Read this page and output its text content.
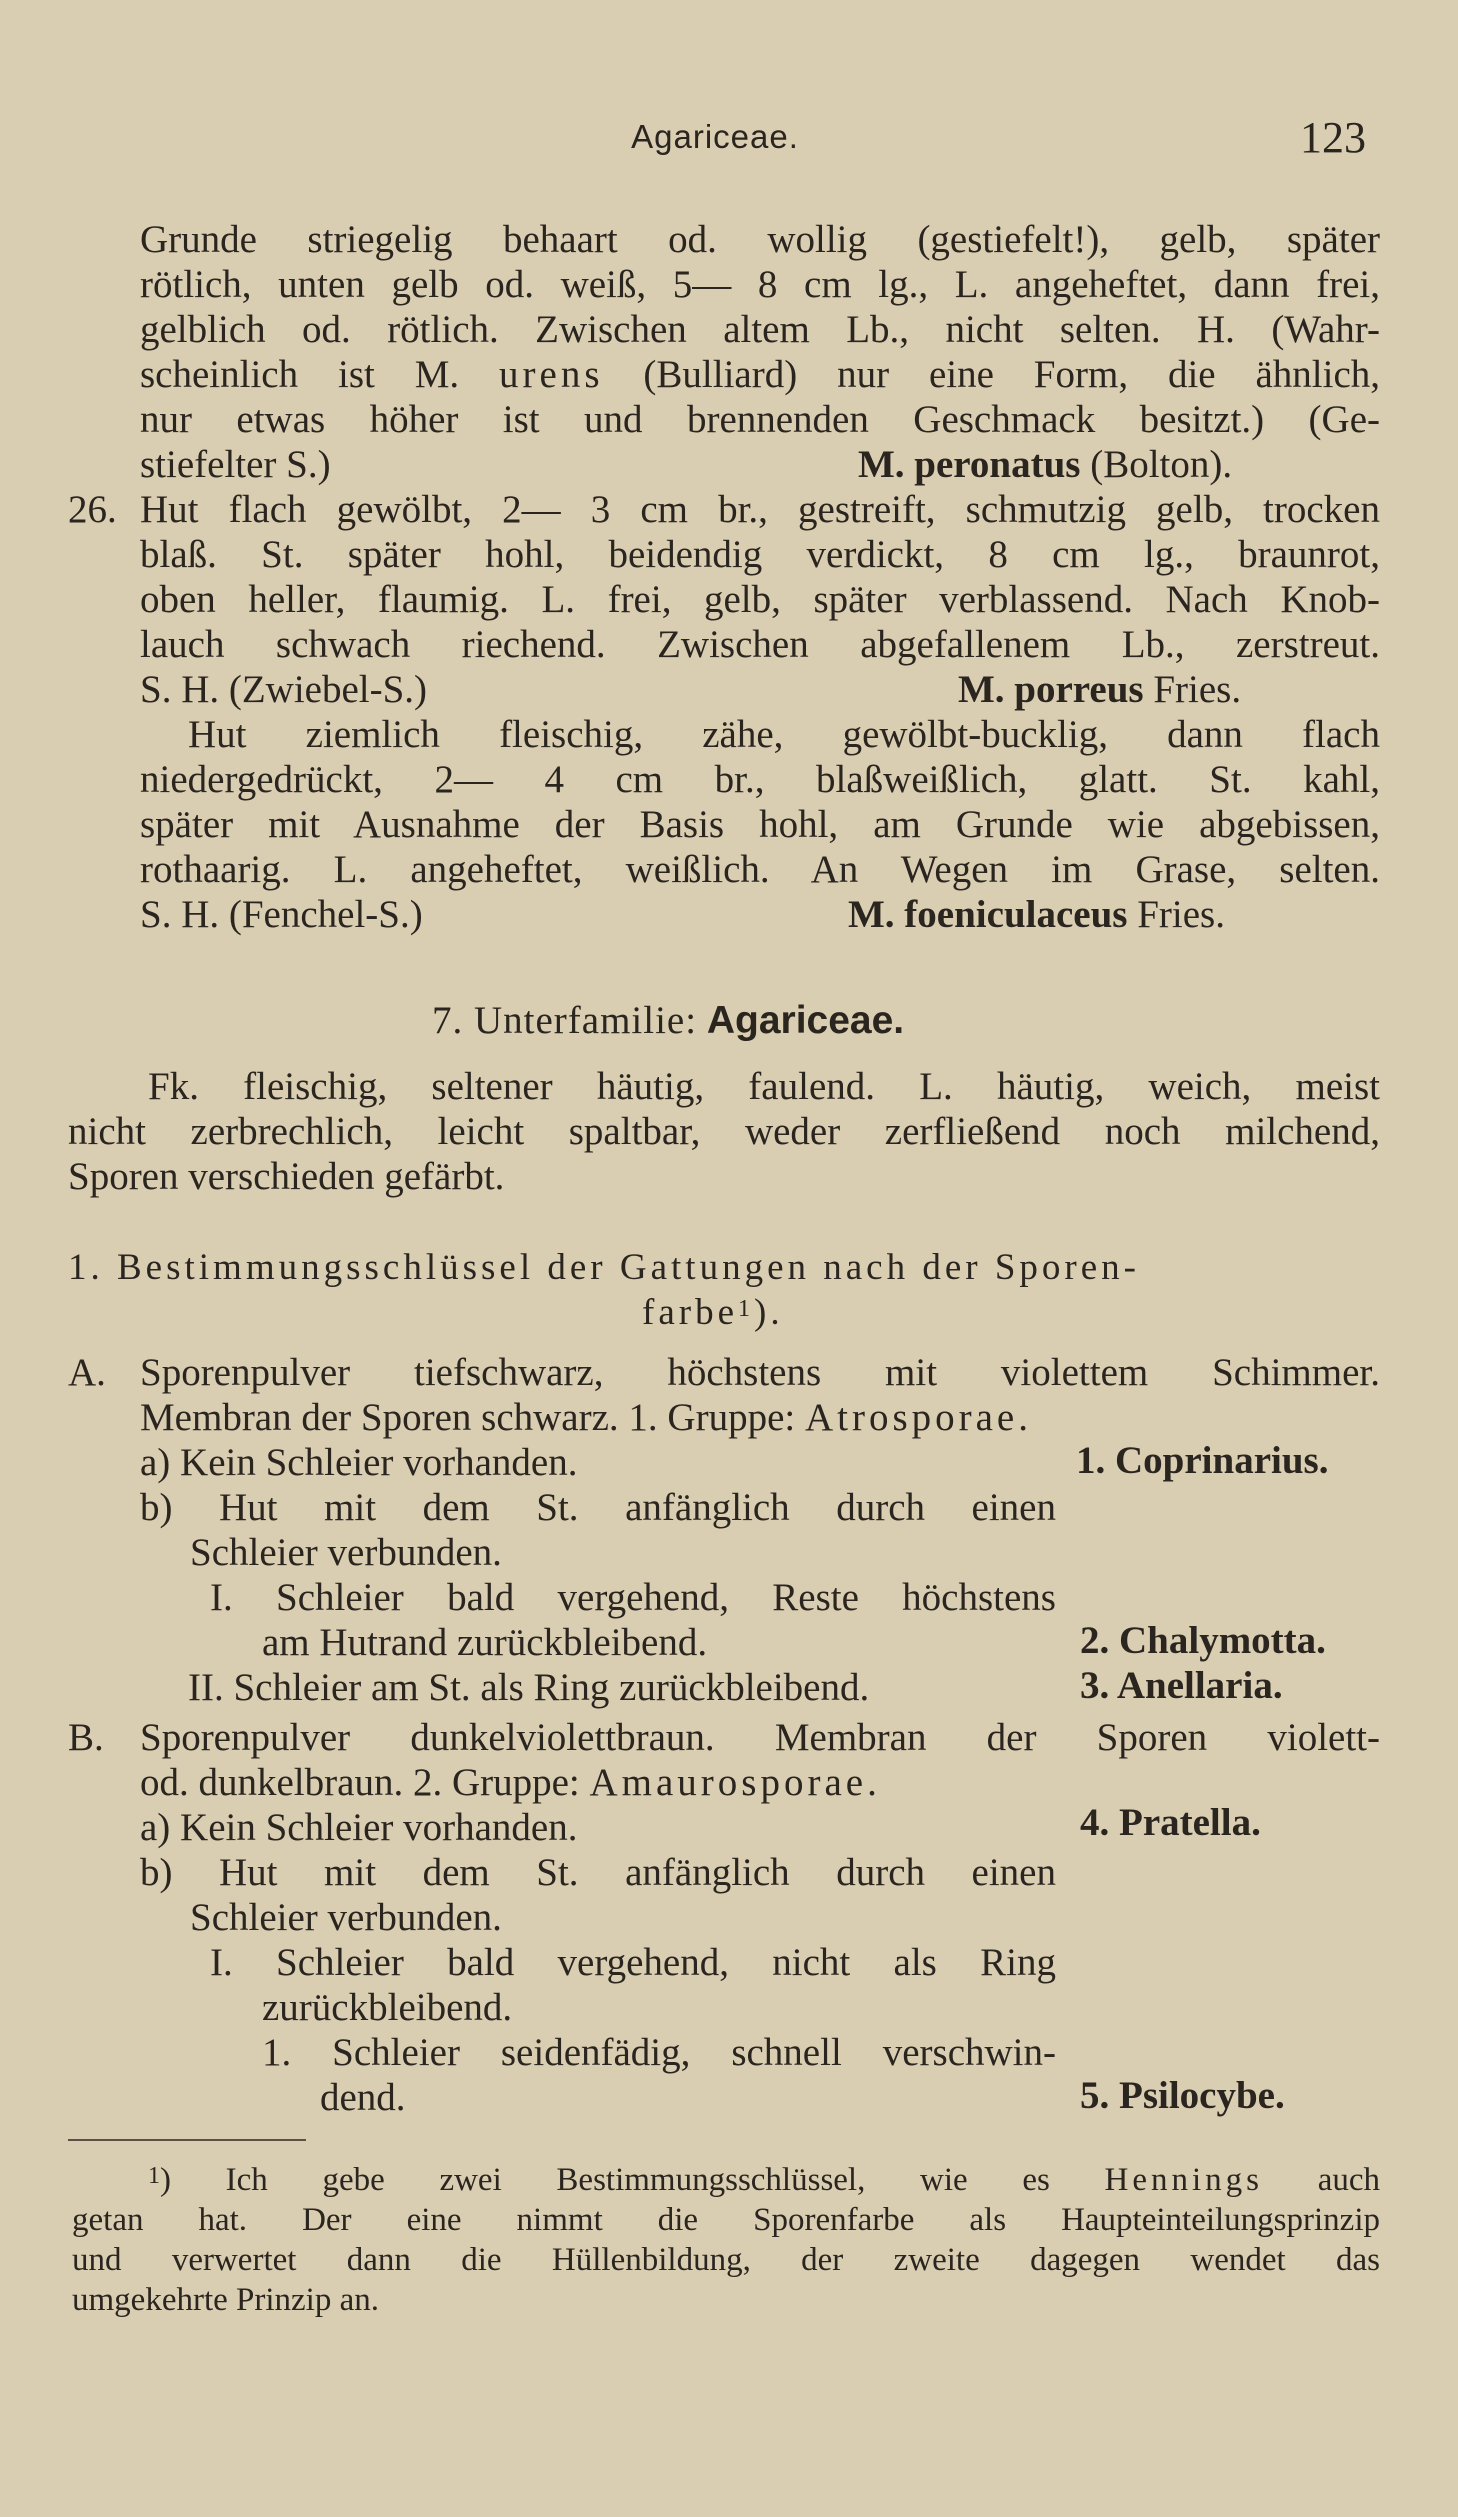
Agariceae.	123
Grunde striegelig behaart od. wollig (gestiefelt!), gelb, später
rötlich, unten gelb od. weiß, 5— 8 cm lg., L. angeheftet, dann frei,
gelblich od. rötlich. Zwischen altem Lb., nicht selten. H. (Wahr-
scheinlich ist M. urens (Bulliard) nur eine Form, die ähnlich,
nur etwas höher ist und brennenden Geschmack besitzt.) (Ge-
stiefelter S.)	M. peronatus (Bolton).
26. Hut flach gewölbt, 2— 3 cm br., gestreift, schmutzig gelb, trocken
blaß. St. später hohl, beidendig verdickt, 8 cm lg., braunrot,
oben heller, flaumig. L. frei, gelb, später verblassend. Nach Knob-
lauch schwach riechend. Zwischen abgefallenem Lb., zerstreut.
S. H. (Zwiebel-S.)	M. porreus Fries.
Hut ziemlich fleischig, zähe, gewölbt-bucklig, dann flach
niedergedrückt, 2— 4 cm br., blaßweißlich, glatt. St. kahl,
später mit Ausnahme der Basis hohl, am Grunde wie abgebissen,
rothaarig. L. angeheftet, weißlich. An Wegen im Grase, selten.
S. H. (Fenchel-S.)	M. foeniculaceus Fries.
7. Unterfamilie: Agariceae.
Fk. fleischig, seltener häutig, faulend. L. häutig, weich, meist
nicht zerbrechlich, leicht spaltbar, weder zerfließend noch milchend,
Sporen verschieden gefärbt.
1. Bestimmungsschlüssel der Gattungen nach der Sporen-
farbe$^1$).
A. Sporenpulver tiefschwarz, höchstens mit violettem Schimmer.
Membran der Sporen schwarz. 1. Gruppe: Atrosporae.
a) Kein Schleier vorhanden.	1. Coprinarius.
b) Hut mit dem St. anfänglich durch einen
Schleier verbunden.
I. Schleier bald vergehend, Reste höchstens
am Hutrand zurückbleibend.	2. Chalymotta.
II. Schleier am St. als Ring zurückbleibend.	3. Anellaria.
B. Sporenpulver dunkelviolettbraun. Membran der Sporen violett-
od. dunkelbraun. 2. Gruppe: Amaurosporae.
a) Kein Schleier vorhanden.	4. Pratella.
b) Hut mit dem St. anfänglich durch einen
Schleier verbunden.
I. Schleier bald vergehend, nicht als Ring
zurückbleibend.
1. Schleier seidenfädig, schnell verschwin-
dend.	5. Psilocybe.
$^1$) Ich gebe zwei Bestimmungsschlüssel, wie es Hennings auch
getan hat. Der eine nimmt die Sporenfarbe als Haupteinteilungsprinzip
und verwertet dann die Hüllenbildung, der zweite dagegen wendet das
umgekehrte Prinzip an.
